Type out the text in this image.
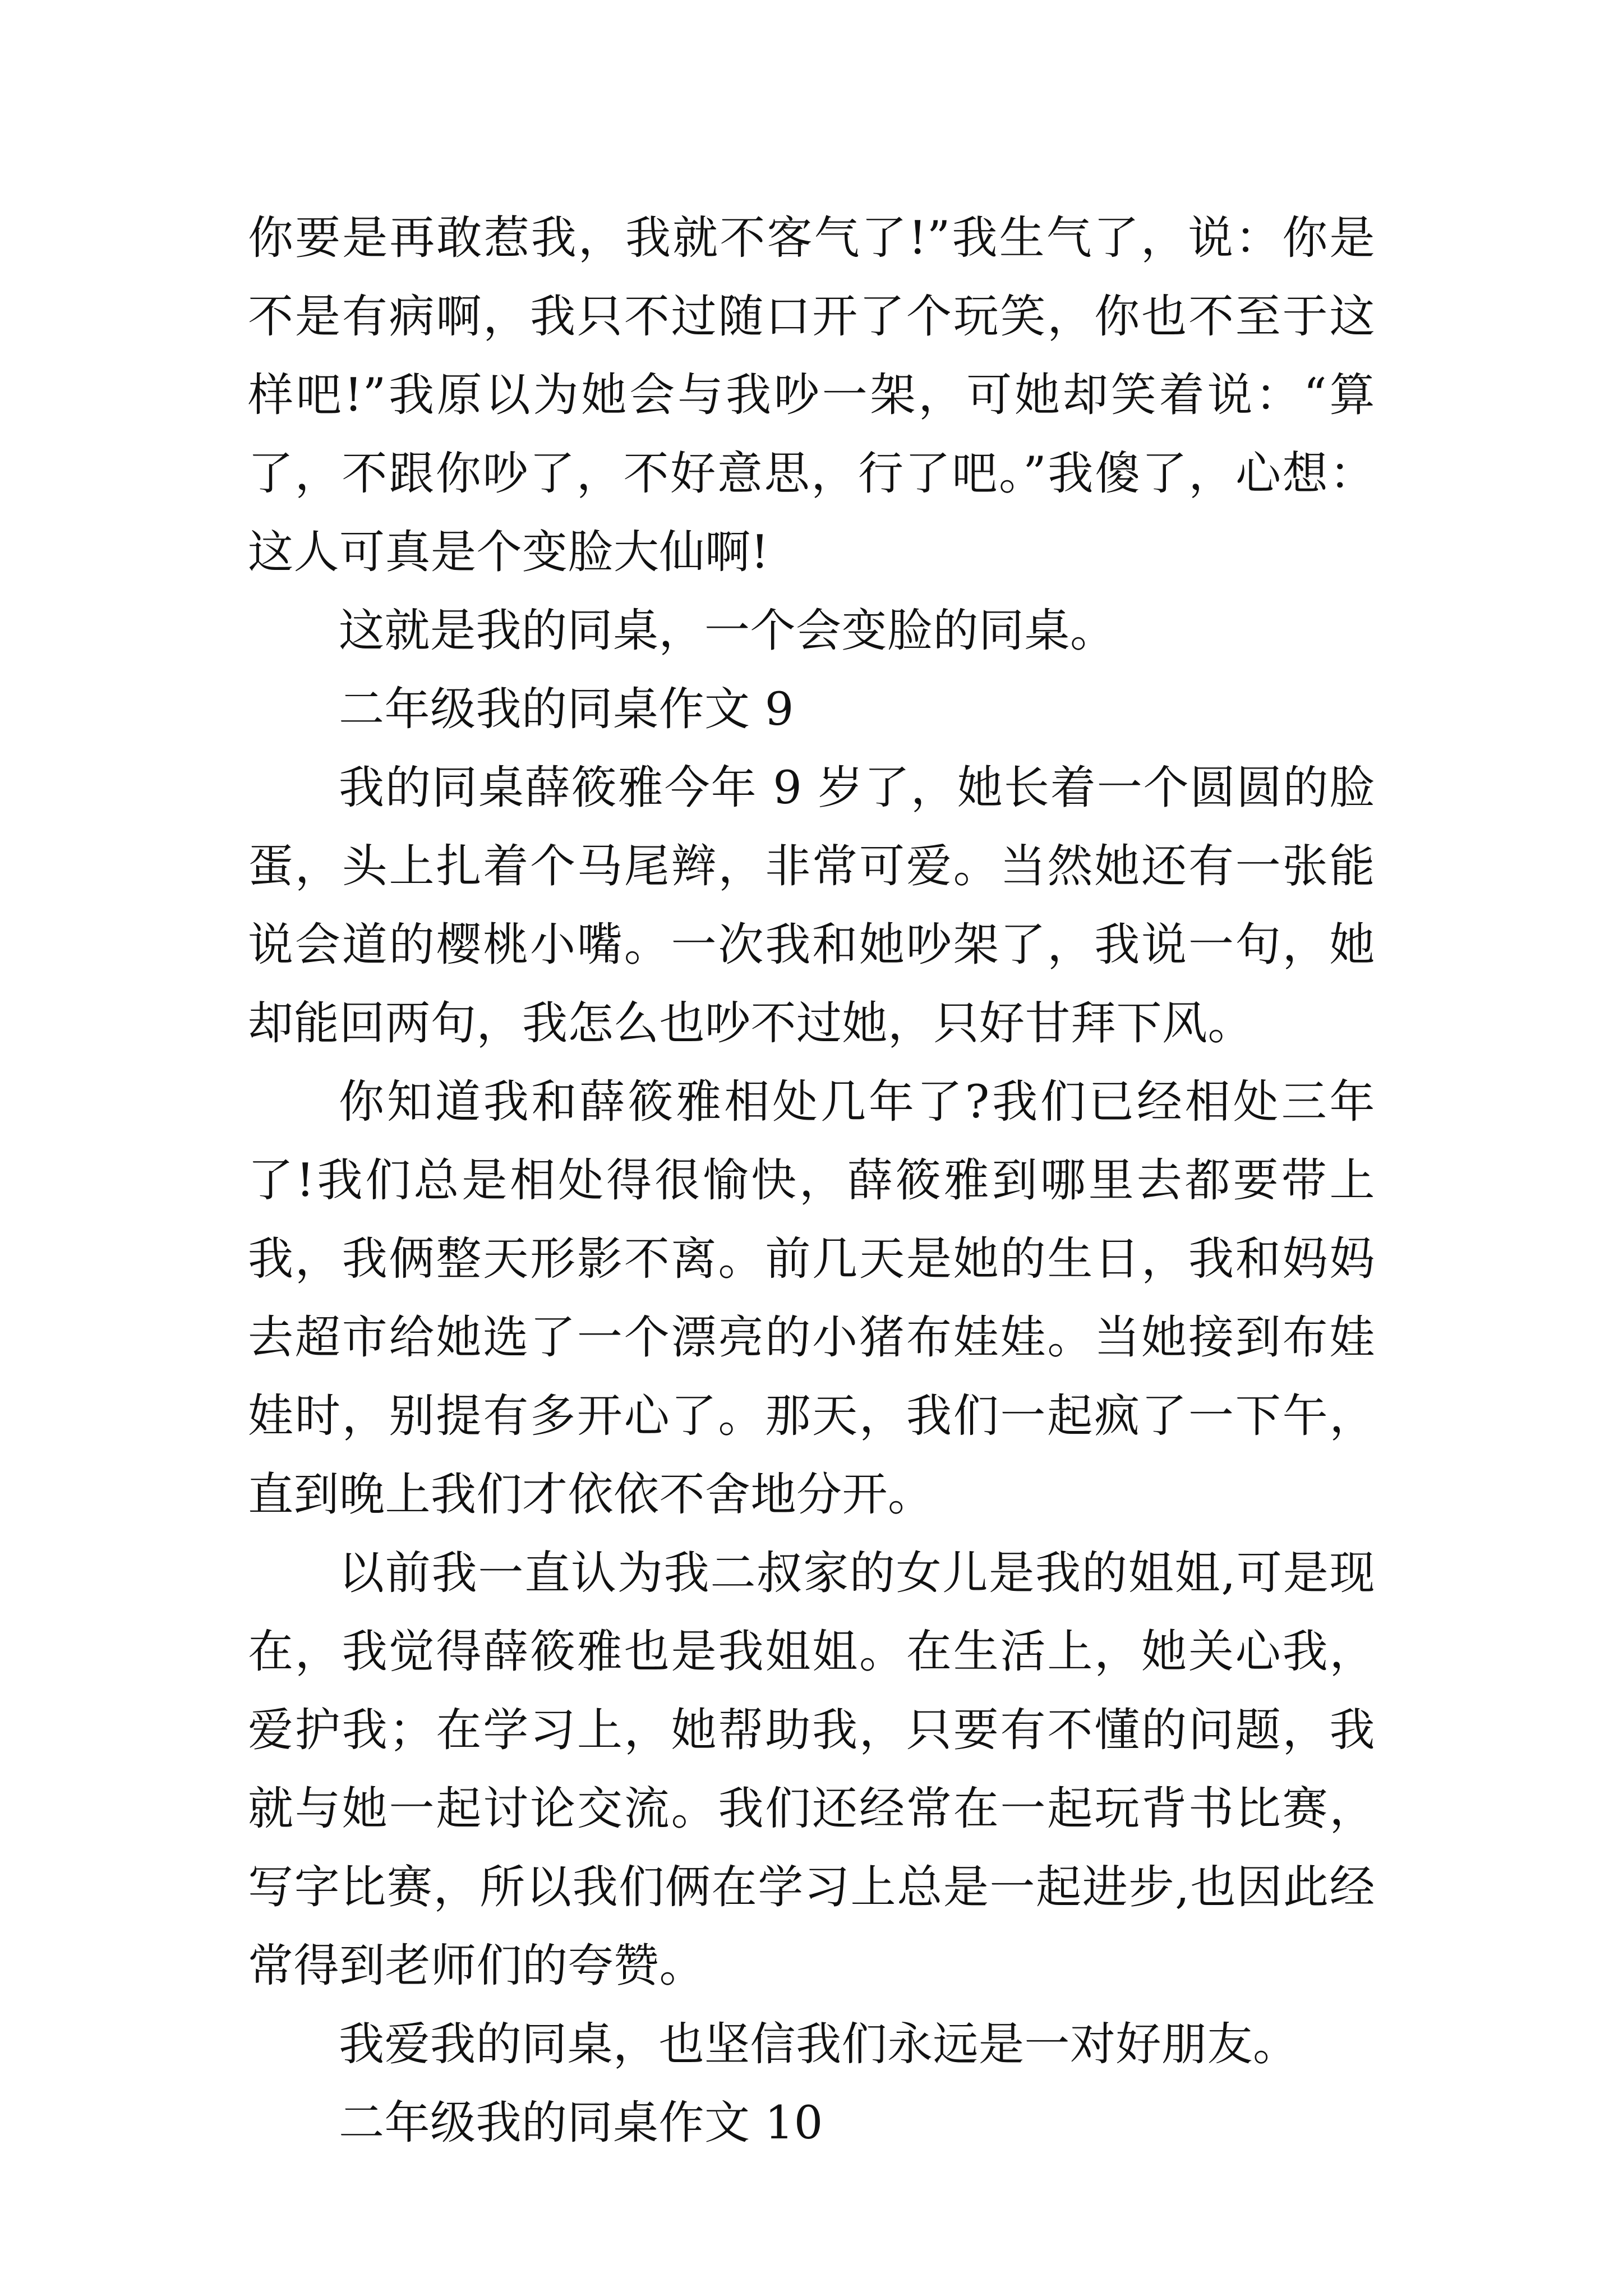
你要是再敢惹我，我就不客气了!”我生气了，说：你是不是有病啊，我只不过随口开了个玩笑，你也不至于这样吧!”我原以为她会与我吵一架，可她却笑着说：“算了，不跟你吵了，不好意思，行了吧。”我傻了，心想：这人可真是个变脸大仙啊!

这就是我的同桌，一个会变脸的同桌。

二年级我的同桌作文 9

我的同桌薛筱雅今年 9 岁了，她长着一个圆圆的脸蛋，头上扎着个马尾辫，非常可爱。当然她还有一张能说会道的樱桃小嘴。一次我和她吵架了，我说一句，她却能回两句，我怎么也吵不过她，只好甘拜下风。

你知道我和薛筱雅相处几年了?我们已经相处三年了!我们总是相处得很愉快，薛筱雅到哪里去都要带上我，我俩整天形影不离。前几天是她的生日，我和妈妈去超市给她选了一个漂亮的小猪布娃娃。当她接到布娃娃时，别提有多开心了。那天，我们一起疯了一下午，直到晚上我们才依依不舍地分开。

以前我一直认为我二叔家的女儿是我的姐姐,可是现在，我觉得薛筱雅也是我姐姐。在生活上，她关心我，爱护我；在学习上，她帮助我，只要有不懂的问题，我就与她一起讨论交流。我们还经常在一起玩背书比赛，写字比赛，所以我们俩在学习上总是一起进步,也因此经常得到老师们的夸赞。

我爱我的同桌，也坚信我们永远是一对好朋友。

二年级我的同桌作文 10
